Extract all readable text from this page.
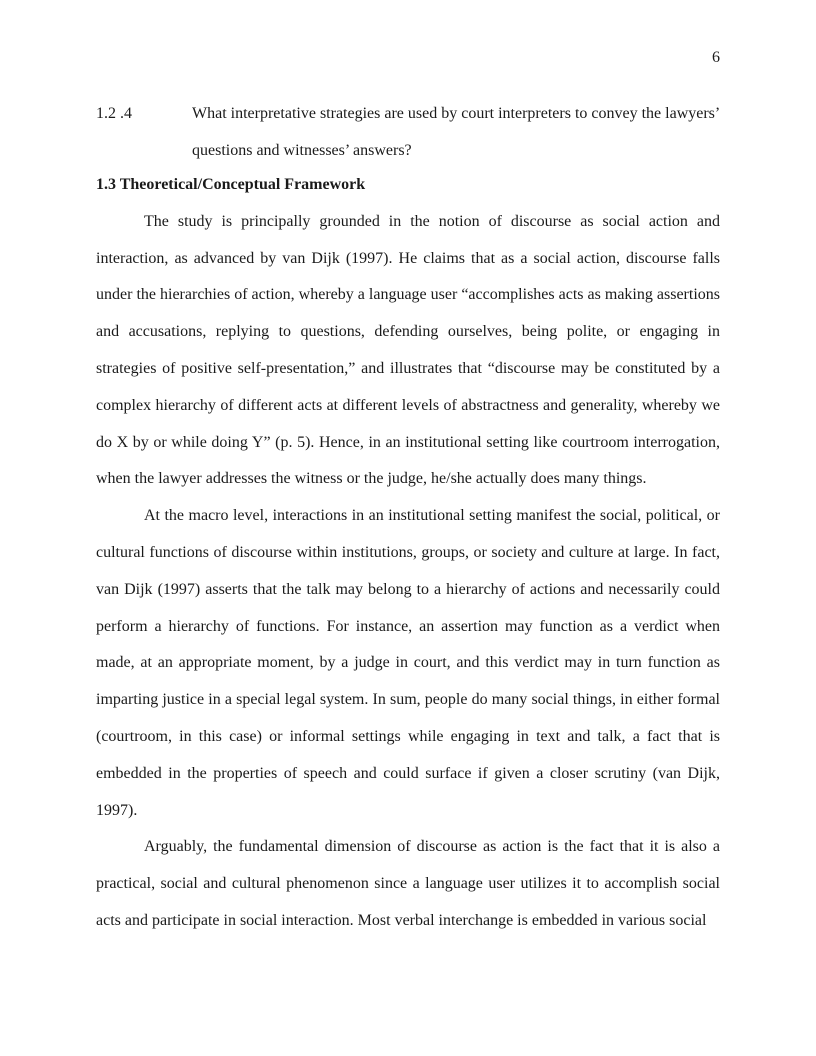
6
1.2 .4	What interpretative strategies are used by court interpreters to convey the lawyers’ questions and witnesses’ answers?
1.3 Theoretical/Conceptual Framework

The study is principally grounded in the notion of discourse as social action and interaction, as advanced by van Dijk (1997). He claims that as a social action, discourse falls under the hierarchies of action, whereby a language user “accomplishes acts as making assertions and accusations, replying to questions, defending ourselves, being polite, or engaging in strategies of positive self-presentation,” and illustrates that “discourse may be constituted by a complex hierarchy of different acts at different levels of abstractness and generality, whereby we do X by or while doing Y” (p. 5). Hence, in an institutional setting like courtroom interrogation, when the lawyer addresses the witness or the judge, he/she actually does many things.

At the macro level, interactions in an institutional setting manifest the social, political, or cultural functions of discourse within institutions, groups, or society and culture at large. In fact, van Dijk (1997) asserts that the talk may belong to a hierarchy of actions and necessarily could perform a hierarchy of functions. For instance, an assertion may function as a verdict when made, at an appropriate moment, by a judge in court, and this verdict may in turn function as imparting justice in a special legal system. In sum, people do many social things, in either formal (courtroom, in this case) or informal settings while engaging in text and talk, a fact that is embedded in the properties of speech and could surface if given a closer scrutiny (van Dijk, 1997).

Arguably, the fundamental dimension of discourse as action is the fact that it is also a practical, social and cultural phenomenon since a language user utilizes it to accomplish social acts and participate in social interaction. Most verbal interchange is embedded in various social
